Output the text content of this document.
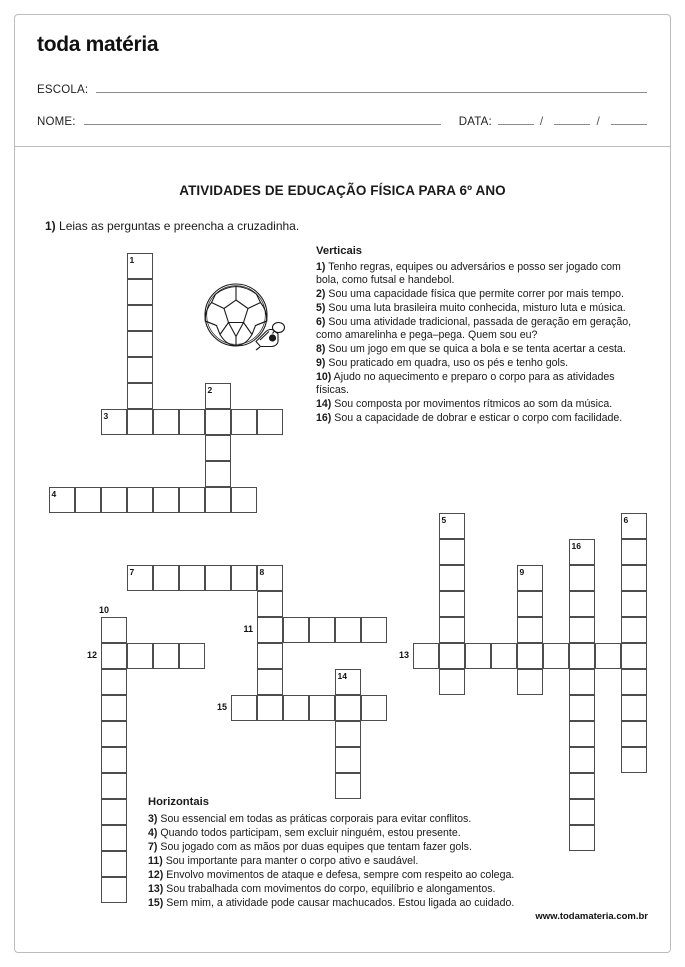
toda matéria
ESCOLA:
NOME:	DATA:	/	/
ATIVIDADES DE EDUCAÇÃO FÍSICA PARA 6º ANO
1) Leias as perguntas e preencha a cruzadinha.
1
2
3
4
5	6
7	8	9
10
11
12	13
14
15
16
Verticais

1) Tenho regras, equipes ou adversários e posso ser jogado com bola, como futsal e handebol.

2) Sou uma capacidade física que permite correr por mais tempo.

5) Sou uma luta brasileira muito conhecida, misturo luta e música.

6) Sou uma atividade tradicional, passada de geração em geração, como amarelinha e pega–pega. Quem sou eu?

8) Sou um jogo em que se quica a bola e se tenta acertar a cesta.

9) Sou praticado em quadra, uso os pés e tenho gols.

10) Ajudo no aquecimento e preparo o corpo para as atividades físicas.

14) Sou composta por movimentos rítmicos ao som da música.

16) Sou a capacidade de dobrar e esticar o corpo com facilidade.

Horizontais

3) Sou essencial em todas as práticas corporais para evitar conflitos.

4) Quando todos participam, sem excluir ninguém, estou presente.

7) Sou jogado com as mãos por duas equipes que tentam fazer gols.

11) Sou importante para manter o corpo ativo e saudável.

12) Envolvo movimentos de ataque e defesa, sempre com respeito ao colega.

13) Sou trabalhada com movimentos do corpo, equilíbrio e alongamentos.

15) Sem mim, a atividade pode causar machucados. Estou ligada ao cuidado.

www.todamateria.com.br
